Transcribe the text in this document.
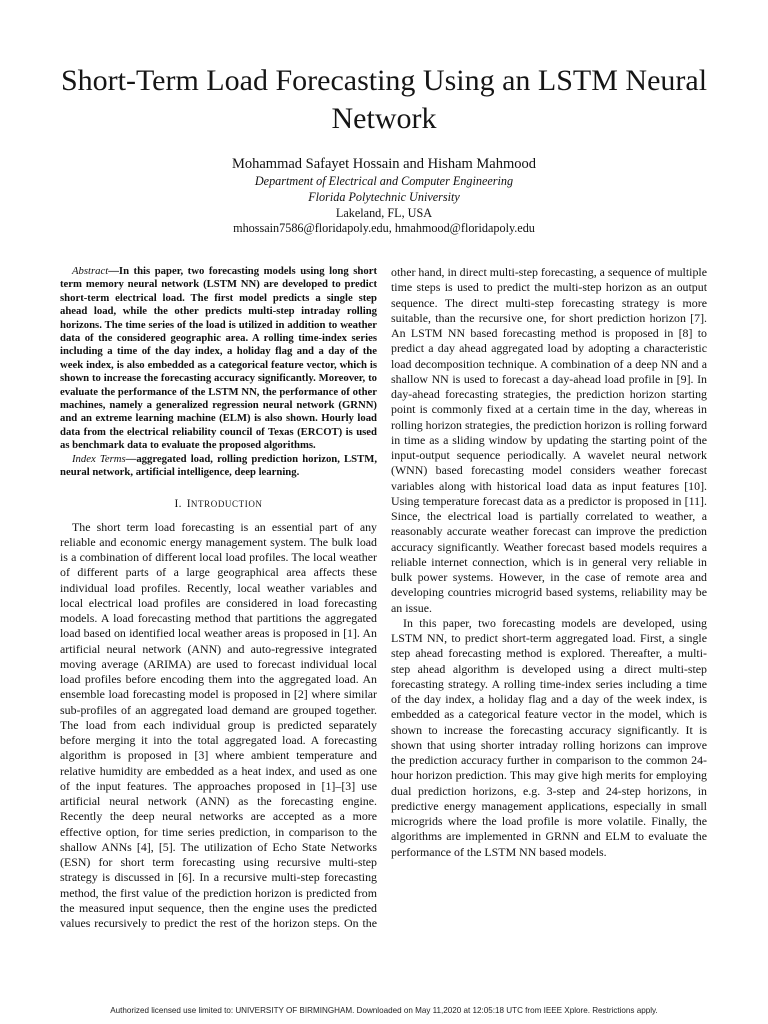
Short-Term Load Forecasting Using an LSTM Neural Network
Mohammad Safayet Hossain and Hisham Mahmood
Department of Electrical and Computer Engineering
Florida Polytechnic University
Lakeland, FL, USA
mhossain7586@floridapoly.edu, hmahmood@floridapoly.edu

Abstract—In this paper, two forecasting models using long short term memory neural network (LSTM NN) are developed to predict short-term electrical load. The first model predicts a single step ahead load, while the other predicts multi-step intraday rolling horizons. The time series of the load is utilized in addition to weather data of the considered geographic area. A rolling time-index series including a time of the day index, a holiday flag and a day of the week index, is also embedded as a categorical feature vector, which is shown to increase the forecasting accuracy significantly. Moreover, to evaluate the performance of the LSTM NN, the performance of other machines, namely a generalized regression neural network (GRNN) and an extreme learning machine (ELM) is also shown. Hourly load data from the electrical reliability council of Texas (ERCOT) is used as benchmark data to evaluate the proposed algorithms.

Index Terms—aggregated load, rolling prediction horizon, LSTM, neural network, artificial intelligence, deep learning.

I. INTRODUCTION

The short term load forecasting is an essential part of any reliable and economic energy management system. The bulk load is a combination of different local load profiles. The local weather of different parts of a large geographical area affects these individual load profiles. Recently, local weather variables and local electrical load profiles are considered in load forecasting models. A load forecasting method that partitions the aggregated load based on identified local weather areas is proposed in [1]. An artificial neural network (ANN) and auto-regressive integrated moving average (ARIMA) are used to forecast individual local load profiles before encoding them into the aggregated load. An ensemble load forecasting model is proposed in [2] where similar sub-profiles of an aggregated load demand are grouped together. The load from each individual group is predicted separately before merging it into the total aggregated load. A forecasting algorithm is proposed in [3] where ambient temperature and relative humidity are embedded as a heat index, and used as one of the input features. The approaches proposed in [1]–[3] use artificial neural network (ANN) as the forecasting engine. Recently the deep neural networks are accepted as a more effective option, for time series prediction, in comparison to the shallow ANNs [4], [5]. The utilization of Echo State Networks (ESN) for short term forecasting using recursive multi-step strategy is discussed in [6]. In a recursive multi-step forecasting method, the first value of the prediction horizon is predicted from the measured input sequence, then the engine uses the predicted values recursively to predict the rest of the horizon steps. On the

other hand, in direct multi-step forecasting, a sequence of multiple time steps is used to predict the multi-step horizon as an output sequence. The direct multi-step forecasting strategy is more suitable, than the recursive one, for short prediction horizon [7]. An LSTM NN based forecasting method is proposed in [8] to predict a day ahead aggregated load by adopting a characteristic load decomposition technique. A combination of a deep NN and a shallow NN is used to forecast a day-ahead load profile in [9]. In day-ahead forecasting strategies, the prediction horizon starting point is commonly fixed at a certain time in the day, whereas in rolling horizon strategies, the prediction horizon is rolling forward in time as a sliding window by updating the starting point of the input-output sequence periodically. A wavelet neural network (WNN) based forecasting model considers weather forecast variables along with historical load data as input features [10]. Using temperature forecast data as a predictor is proposed in [11]. Since, the electrical load is partially correlated to weather, a reasonably accurate weather forecast can improve the prediction accuracy significantly. Weather forecast based models requires a reliable internet connection, which is in general very reliable in bulk power systems. However, in the case of remote area and developing countries microgrid based systems, reliability may be an issue.

In this paper, two forecasting models are developed, using LSTM NN, to predict short-term aggregated load. First, a single step ahead forecasting method is explored. Thereafter, a multi-step ahead algorithm is developed using a direct multi-step forecasting strategy. A rolling time-index series including a time of the day index, a holiday flag and a day of the week index, is embedded as a categorical feature vector in the model, which is shown to increase the forecasting accuracy significantly. It is shown that using shorter intraday rolling horizons can improve the prediction accuracy further in comparison to the common 24-hour horizon prediction. This may give high merits for employing dual prediction horizons, e.g. 3-step and 24-step horizons, in predictive energy management applications, especially in small microgrids where the load profile is more volatile. Finally, the algorithms are implemented in GRNN and ELM to evaluate the performance of the LSTM NN based models.

Authorized licensed use limited to: UNIVERSITY OF BIRMINGHAM. Downloaded on May 11,2020 at 12:05:18 UTC from IEEE Xplore. Restrictions apply.
